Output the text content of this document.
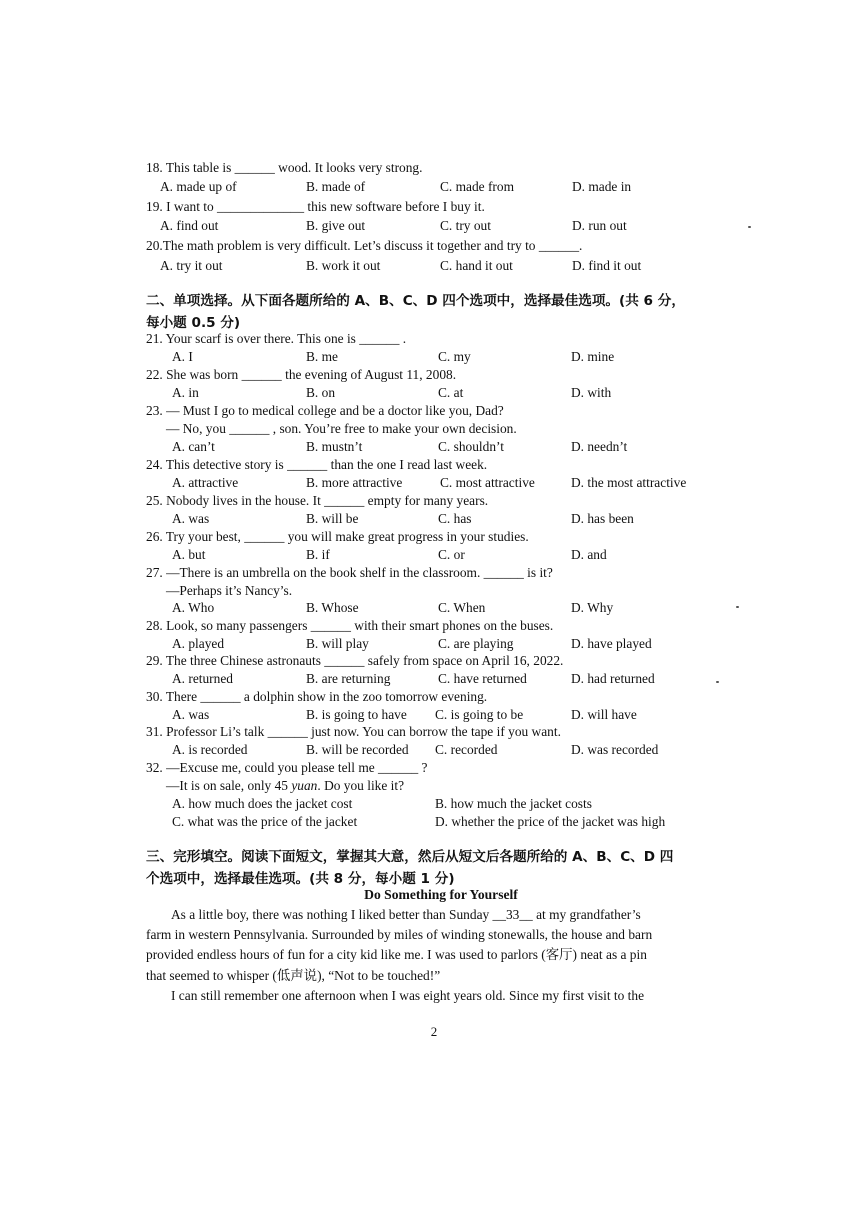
18. This table is ______ wood. It looks very strong.
A. made up of	B. made of	C. made from	D. made in
19. I want to _____________ this new software before I buy it.
A. find out	B. give out	C. try out	D. run out
20.The math problem is very difficult. Let’s discuss it together and try to ______.
A. try it out	B. work it out	C. hand it out	D. find it out
二、单项选择。从下面各题所给的 A、B、C、D 四个选项中，选择最佳选项。(共 6 分，
每小题 0.5 分)
21. Your scarf is over there. This one is ______ .
A. I	B. me	C. my	D. mine
22. She was born ______ the evening of August 11, 2008.
A. in	B. on	C. at	D. with
23. — Must I go to medical college and be a doctor like you, Dad?
— No, you ______ , son. You’re free to make your own decision.
A. can’t	B. mustn’t	C. shouldn’t	D. needn’t
24. This detective story is ______ than the one I read last week.
A. attractive	B. more attractive	C. most attractive	D. the most attractive
25. Nobody lives in the house. It ______ empty for many years.
A. was	B. will be	C. has	D. has been
26. Try your best, ______ you will make great progress in your studies.
A. but	B. if	C. or	D. and
27. —There is an umbrella on the book shelf in the classroom. ______ is it?
—Perhaps it’s Nancy’s.
A. Who	B. Whose	C. When	D. Why
28. Look, so many passengers ______ with their smart phones on the buses.
A. played	B. will play	C. are playing	D. have played
29. The three Chinese astronauts ______ safely from space on April 16, 2022.
A. returned	B. are returning	C. have returned	D. had returned
30. There ______ a dolphin show in the zoo tomorrow evening.
A. was	B. is going to have C. is going to be	D. will have
31. Professor Li’s talk ______ just now. You can borrow the tape if you want.
A. is recorded	B. will be recorded C. recorded	D. was recorded
32. —Excuse me, could you please tell me ______ ?
—It is on sale, only 45 yuan. Do you like it?
A. how much does the jacket cost	B. how much the jacket costs
C. what was the price of the jacket	D. whether the price of the jacket was high
三、完形填空。阅读下面短文，掌握其大意，然后从短文后各题所给的 A、B、C、D 四
个选项中，选择最佳选项。(共 8 分，每小题 1 分)
Do Something for Yourself
As a little boy, there was nothing I liked better than Sunday __33__ at my grandfather’s
farm in western Pennsylvania. Surrounded by miles of winding stonewalls, the house and barn
provided endless hours of fun for a city kid like me. I was used to parlors (客厅) neat as a pin
that seemed to whisper (低声说), “Not to be touched!”
I can still remember one afternoon when I was eight years old. Since my first visit to the
2
